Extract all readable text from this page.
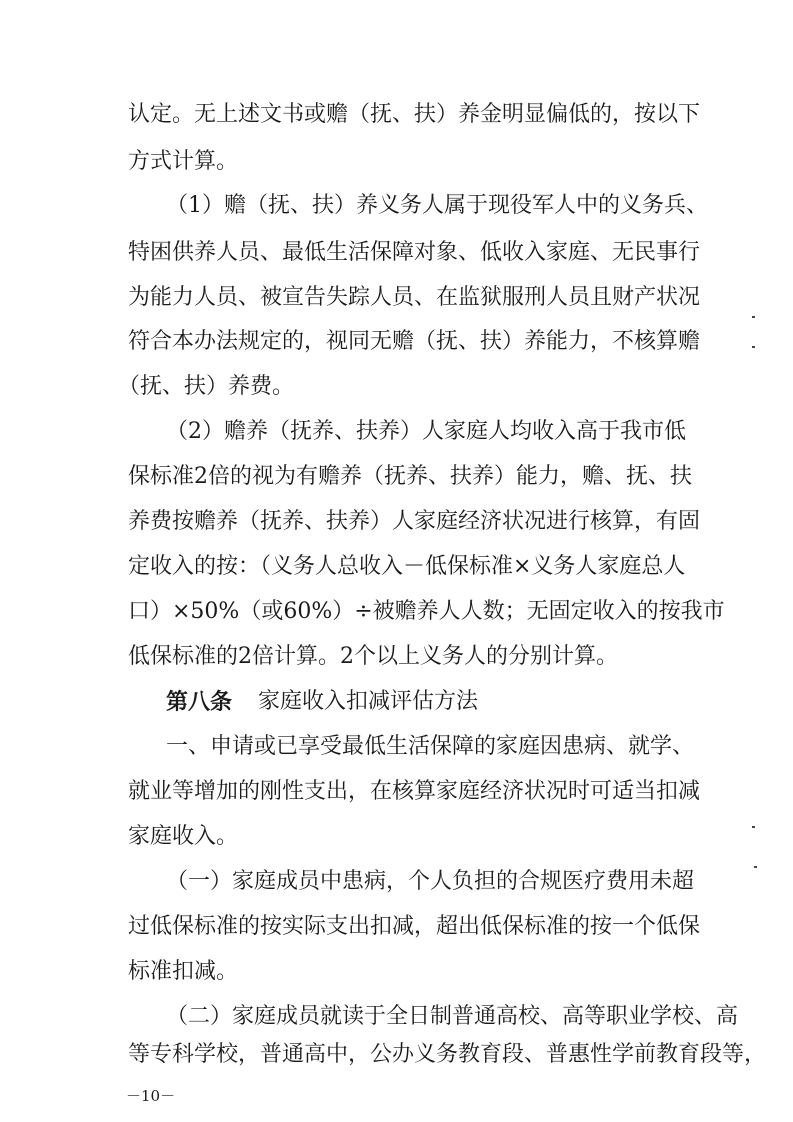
认定。无上述文书或赡（抚、扶）养金明显偏低的，按以下
方式计算。
（1）赡（抚、扶）养义务人属于现役军人中的义务兵、
特困供养人员、最低生活保障对象、低收入家庭、无民事行
为能力人员、被宣告失踪人员、在监狱服刑人员且财产状况
符合本办法规定的，视同无赡（抚、扶）养能力，不核算赡
（抚、扶）养费。
（2）赡养（抚养、扶养）人家庭人均收入高于我市低
保标准2倍的视为有赡养（抚养、扶养）能力，赡、抚、扶
养费按赡养（抚养、扶养）人家庭经济状况进行核算，有固
定收入的按：（义务人总收入－低保标准×义务人家庭总人
口）×50%（或60%）÷被赡养人人数；无固定收入的按我市
低保标准的2倍计算。2个以上义务人的分别计算。
第八条	家庭收入扣减评估方法
一、申请或已享受最低生活保障的家庭因患病、就学、
就业等增加的刚性支出，在核算家庭经济状况时可适当扣减
家庭收入。
（一）家庭成员中患病，个人负担的合规医疗费用未超
过低保标准的按实际支出扣减，超出低保标准的按一个低保
标准扣减。
（二）家庭成员就读于全日制普通高校、高等职业学校、高
等专科学校，普通高中，公办义务教育段、普惠性学前教育段等，
－10－
